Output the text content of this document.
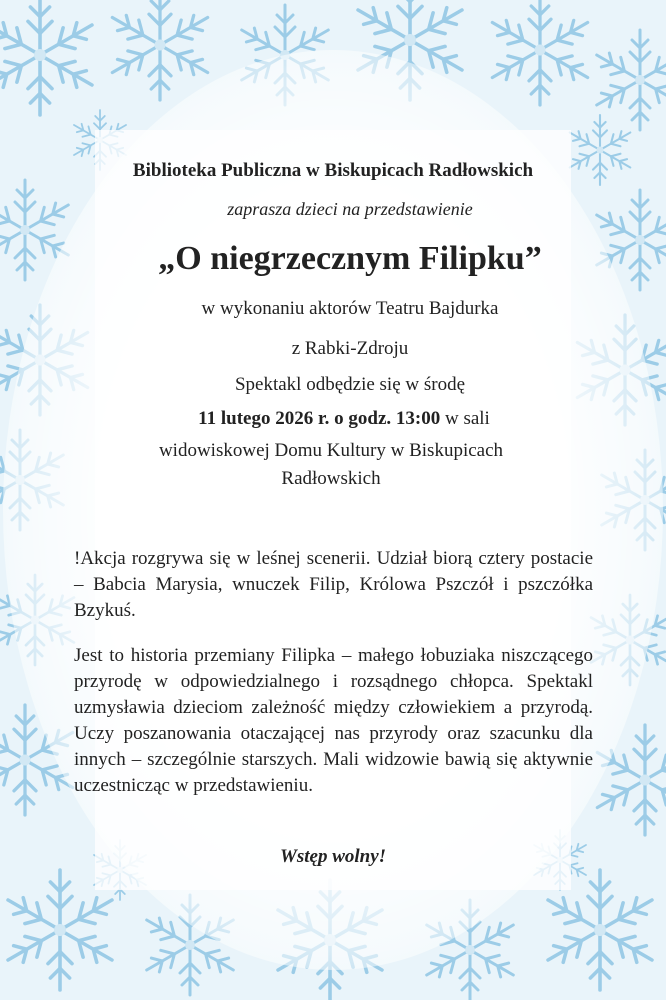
Biblioteka Publiczna w Biskupicach Radłowskich
zaprasza dzieci na przedstawienie
„O niegrzecznym Filipku”
w wykonaniu aktorów Teatru Bajdurka
z Rabki-Zdroju
Spektakl odbędzie się w środę
11 lutego 2026 r. o godz. 13:00 w sali
widowiskowej Domu Kultury w Biskupicach
Radłowskich
!Akcja rozgrywa się w leśnej scenerii. Udział biorą cztery postacie – Babcia Marysia, wnuczek Filip, Królowa Pszczół i pszczółka Bzykuś.
Jest to historia przemiany Filipka – małego łobuziaka niszczącego przyrodę w odpowiedzialnego i rozsądnego chłopca. Spektakl uzmysławia dzieciom zależność między człowiekiem a przyrodą. Uczy poszanowania otaczającej nas przyrody oraz szacunku dla innych – szczególnie starszych. Mali widzowie bawią się aktywnie uczestnicząc w przedstawieniu.
Wstęp wolny!
